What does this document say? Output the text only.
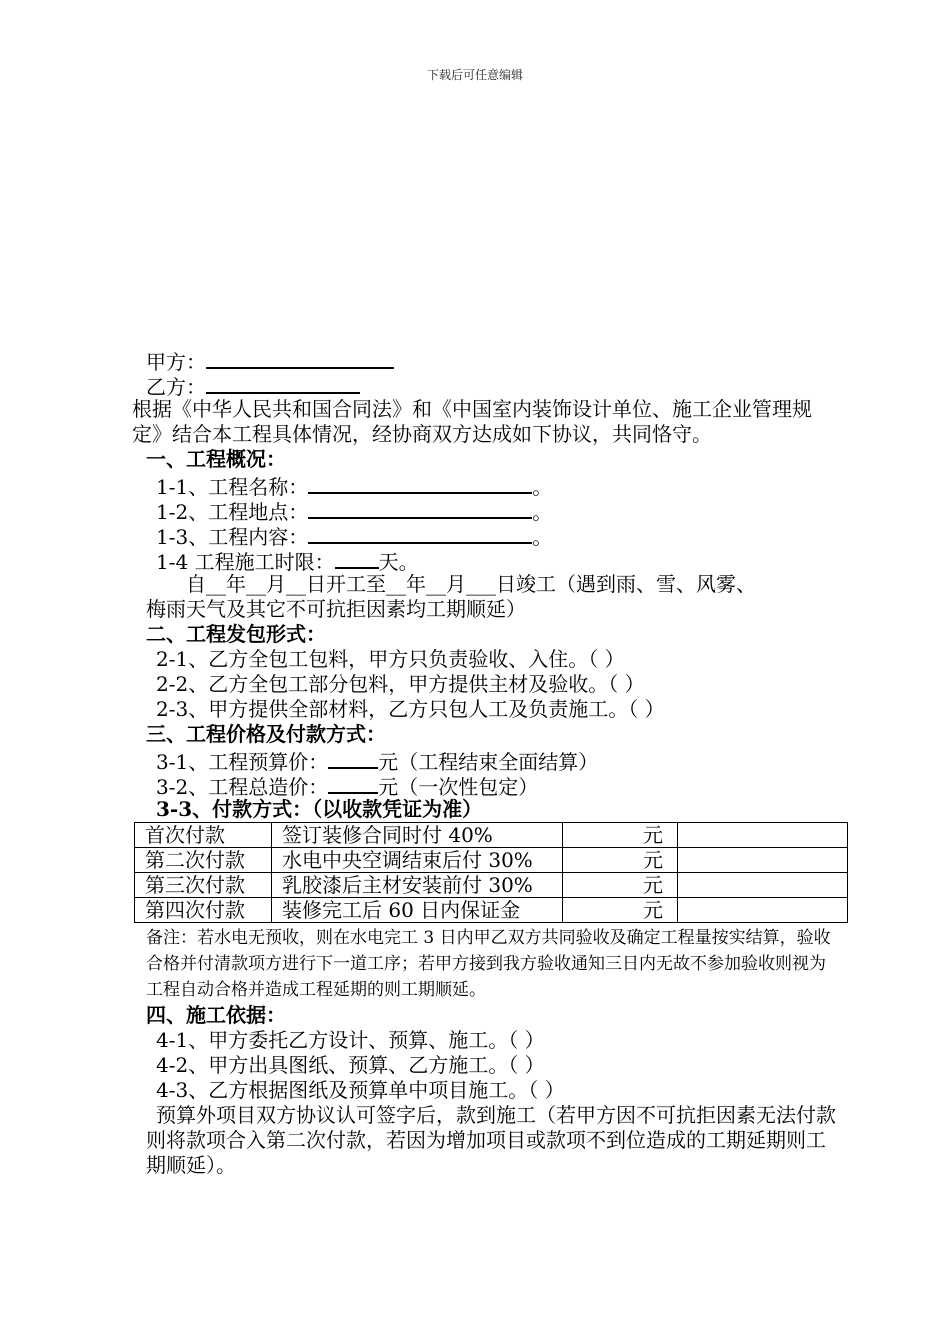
下载后可任意编辑
甲方：
乙方：
根据《中华人民共和国合同法》和《中国室内装饰设计单位、施工企业管理规定》结合本工程具体情况，经协商双方达成如下协议，共同恪守。
一、工程概况：
1-1、工程名称：	。
1-2、工程地点：	。
1-3、工程内容：	。
1-4 工程施工时限： 天。
自__年__月__日开工至__年__月___日竣工（遇到雨、雪、风雾、
梅雨天气及其它不可抗拒因素均工期顺延）
二、工程发包形式：
2-1、乙方全包工包料，甲方只负责验收、入住。（ ）
2-2、乙方全包工部分包料，甲方提供主材及验收。（ ）
2-3、甲方提供全部材料，乙方只包人工及负责施工。（ ）
三、工程价格及付款方式：
3-1、工程预算价：	元（工程结束全面结算）
3-2、工程总造价：	元（一次性包定）
3-3、付款方式：（以收款凭证为准）
首次付款	签订装修合同时付 40%	元	
第二次付款	水电中央空调结束后付 30%	元	
第三次付款	乳胶漆后主材安装前付 30%	元	
第四次付款	装修完工后 60 日内保证金	元	
备注：若水电无预收，则在水电完工 3 日内甲乙双方共同验收及确定工程量按实结算，验收合格并付清款项方进行下一道工序；若甲方接到我方验收通知三日内无故不参加验收则视为工程自动合格并造成工程延期的则工期顺延。
四、施工依据：
4-1、甲方委托乙方设计、预算、施工。（ ）
4-2、甲方出具图纸、预算、乙方施工。（ ）
4-3、乙方根据图纸及预算单中项目施工。（ ）
预算外项目双方协议认可签字后，款到施工（若甲方因不可抗拒因素无法付款则将款项合入第二次付款，若因为增加项目或款项不到位造成的工期延期则工期顺延）。
